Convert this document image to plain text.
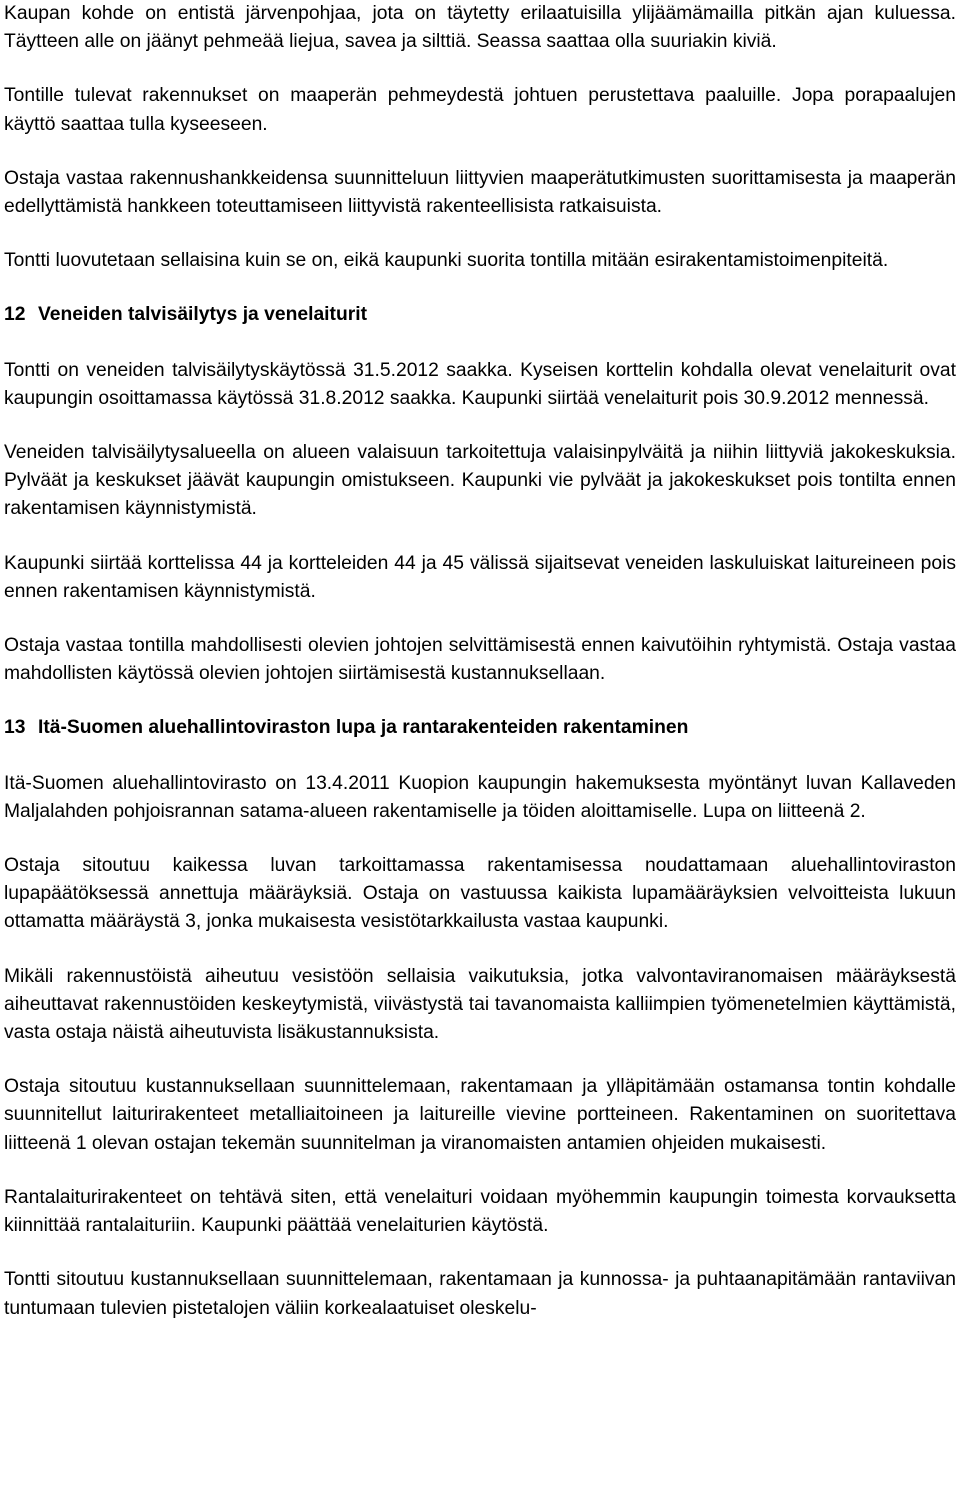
Kaupan kohde on entistä järvenpohjaa, jota on täytetty erilaatuisilla ylijäämämailla pitkän ajan kuluessa. Täytteen alle on jäänyt pehmeää liejua, savea ja silttiä. Seassa saattaa olla suuriakin kiviä.

Tontille tulevat rakennukset on maaperän pehmeydestä johtuen perustettava paaluille. Jopa porapaalujen käyttö saattaa tulla kyseeseen.

Ostaja vastaa rakennushankkeidensa suunnitteluun liittyvien maaperätutkimusten suorittamisesta ja maaperän edellyttämistä hankkeen toteuttamiseen liittyvistä rakenteellisista ratkaisuista.

Tontti luovutetaan sellaisina kuin se on, eikä kaupunki suorita tontilla mitään esirakentamistoimenpiteitä.

12 Veneiden talvisäilytys ja venelaiturit

Tontti on veneiden talvisäilytyskäytössä 31.5.2012 saakka. Kyseisen korttelin kohdalla olevat venelaiturit ovat kaupungin osoittamassa käytössä 31.8.2012 saakka. Kaupunki siirtää venelaiturit pois 30.9.2012 mennessä.

Veneiden talvisäilytysalueella on alueen valaisuun tarkoitettuja valaisinpylväitä ja niihin liittyviä jakokeskuksia. Pylväät ja keskukset jäävät kaupungin omistukseen. Kaupunki vie pylväät ja jakokeskukset pois tontilta ennen rakentamisen käynnistymistä.

Kaupunki siirtää korttelissa 44 ja kortteleiden 44 ja 45 välissä sijaitsevat veneiden laskuluiskat laitureineen pois ennen rakentamisen käynnistymistä.

Ostaja vastaa tontilla mahdollisesti olevien johtojen selvittämisestä ennen kaivutöihin ryhtymistä. Ostaja vastaa mahdollisten käytössä olevien johtojen siirtämisestä kustannuksellaan.

13 Itä-Suomen aluehallintoviraston lupa ja rantarakenteiden rakentaminen

Itä-Suomen aluehallintovirasto on 13.4.2011 Kuopion kaupungin hakemuksesta myöntänyt luvan Kallaveden Maljalahden pohjoisrannan satama-alueen rakentamiselle ja töiden aloittamiselle. Lupa on liitteenä 2.

Ostaja sitoutuu kaikessa luvan tarkoittamassa rakentamisessa noudattamaan aluehallintoviraston lupapäätöksessä annettuja määräyksiä. Ostaja on vastuussa kaikista lupamääräyksien velvoitteista lukuun ottamatta määräystä 3, jonka mukaisesta vesistötarkkailusta vastaa kaupunki.

Mikäli rakennustöistä aiheutuu vesistöön sellaisia vaikutuksia, jotka valvontaviranomaisen määräyksestä aiheuttavat rakennustöiden keskeytymistä, viivästystä tai tavanomaista kalliimpien työmenetelmien käyttämistä, vasta ostaja näistä aiheutuvista lisäkustannuksista.

Ostaja sitoutuu kustannuksellaan suunnittelemaan, rakentamaan ja ylläpitämään ostamansa tontin kohdalle suunnitellut laiturirakenteet metalliaitoineen ja laitureille vievine portteineen. Rakentaminen on suoritettava liitteenä 1 olevan ostajan tekemän suunnitelman ja viranomaisten antamien ohjeiden mukaisesti.

Rantalaiturirakenteet on tehtävä siten, että venelaituri voidaan myöhemmin kaupungin toimesta korvauksetta kiinnittää rantalaituriin. Kaupunki päättää venelaiturien käytöstä.

Tontti sitoutuu kustannuksellaan suunnittelemaan, rakentamaan ja kunnossa- ja puhtaanapitämään rantaviivan tuntumaan tulevien pistetalojen väliin korkealaatuiset oleskelu-
